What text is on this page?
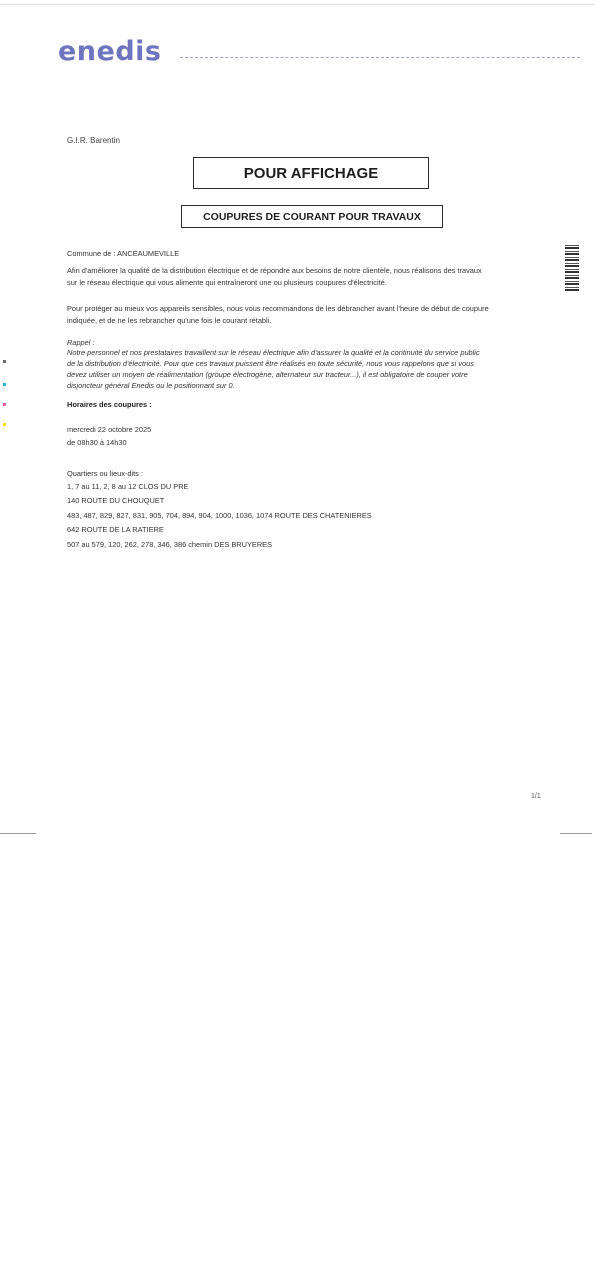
enedis
G.I.R. Barentin
POUR AFFICHAGE
COUPURES DE COURANT POUR TRAVAUX
Commune de : ANCEAUMEVILLE
Afin d'améliorer la qualité de la distribution électrique et de répondre aux besoins de notre clientèle, nous réalisons des travaux
sur le réseau électrique qui vous alimente qui entraîneront une ou plusieurs coupures d'électricité.
Pour protéger au mieux vos appareils sensibles, nous vous recommandons de les débrancher avant l'heure de début de coupure
indiquée, et de ne les rebrancher qu'une fois le courant rétabli.
Rappel :
Notre personnel et nos prestataires travaillent sur le réseau électrique afin d'assurer la qualité et la continuité du service public
de la distribution d'électricité. Pour que ces travaux puissent être réalisés en toute sécurité, nous vous rappelons que si vous
devez utiliser un moyen de réalimentation (groupe électrogène, alternateur sur tracteur...), il est obligatoire de couper votre
disjoncteur général Enedis ou le positionnant sur 0.
Horaires des coupures :
mercredi 22 octobre 2025
de 08h30 à 14h30
Quartiers ou lieux-dits :
1, 7 au 11, 2, 8 au 12 CLOS DU PRE
140 ROUTE DU CHOUQUET
483, 487, 829, 827, 831, 905, 704, 894, 904, 1000, 1036, 1074 ROUTE DES CHATENIERES
642 ROUTE DE LA RATIERE
507 au 579, 120, 262, 278, 346, 386 chemin DES BRUYERES
1/1
